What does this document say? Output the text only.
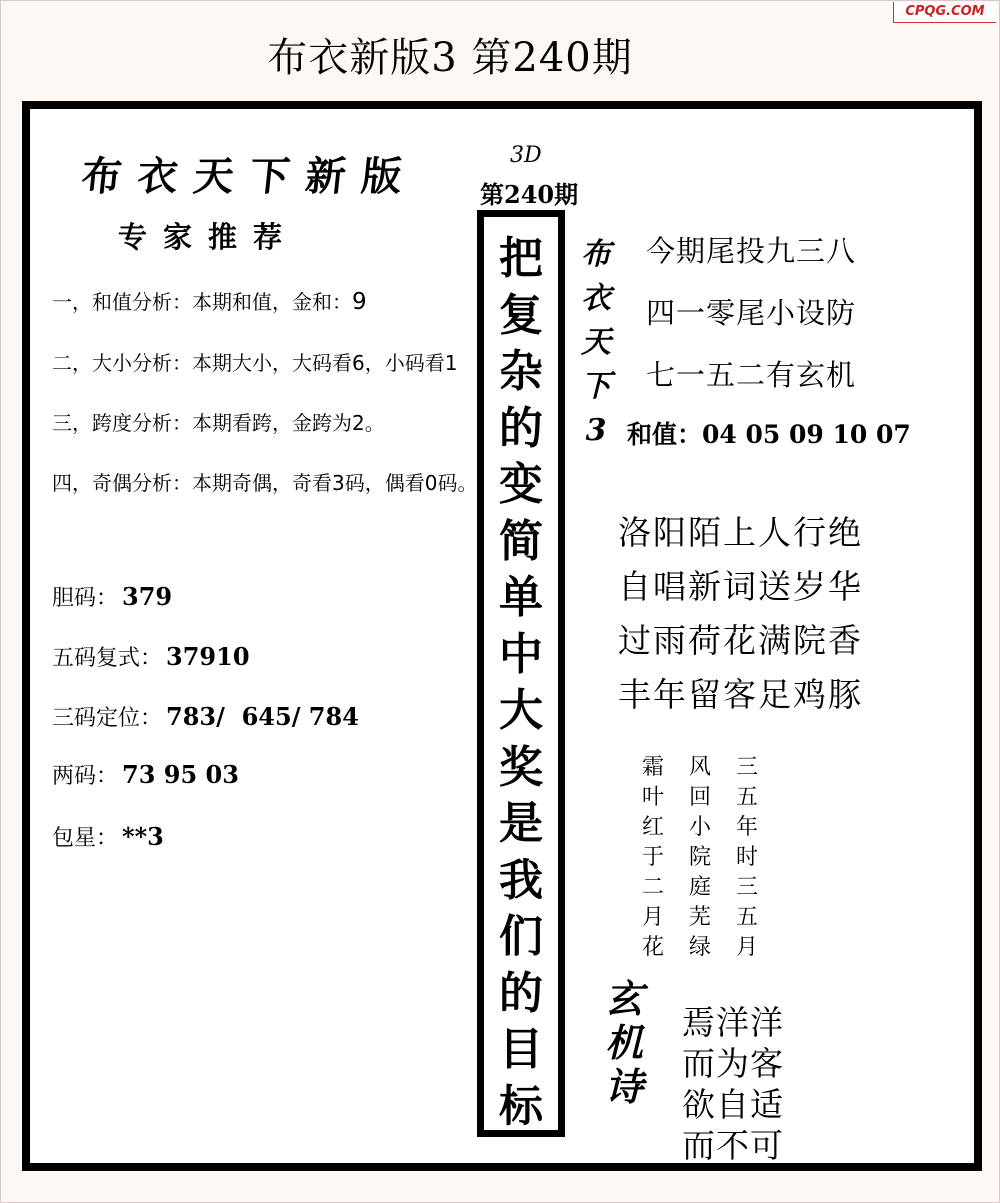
CPQG.COM
布衣新版3 第240期
布衣天下新版
专家推荐
一，和值分析：本期和值，金和：9
二，大小分析：本期大小，大码看6，小码看1
三，跨度分析：本期看跨，金跨为2。
四，奇偶分析：本期奇偶，奇看3码，偶看0码。
胆码： 379
五码复式： 37910
三码定位： 783/  645/ 784
两码： 73 95 03
包星： **3
3D
第240期
把
复
杂
的
变
简
单
中
大
奖
是
我
们
的
目
标
布
衣
天
下
3
今期尾投九三八
四一零尾小设防
七一五二有玄机
和值：04 05 09 10 07
洛阳陌上人行绝
自唱新词送岁华
过雨荷花满院香
丰年留客足鸡豚
霜	风	三
叶	回	五
红	小	年
于	院	时
二	庭	三
月	芜	五
花	绿	月
玄
机
诗
焉洋洋
而为客
欲自适
而不可
